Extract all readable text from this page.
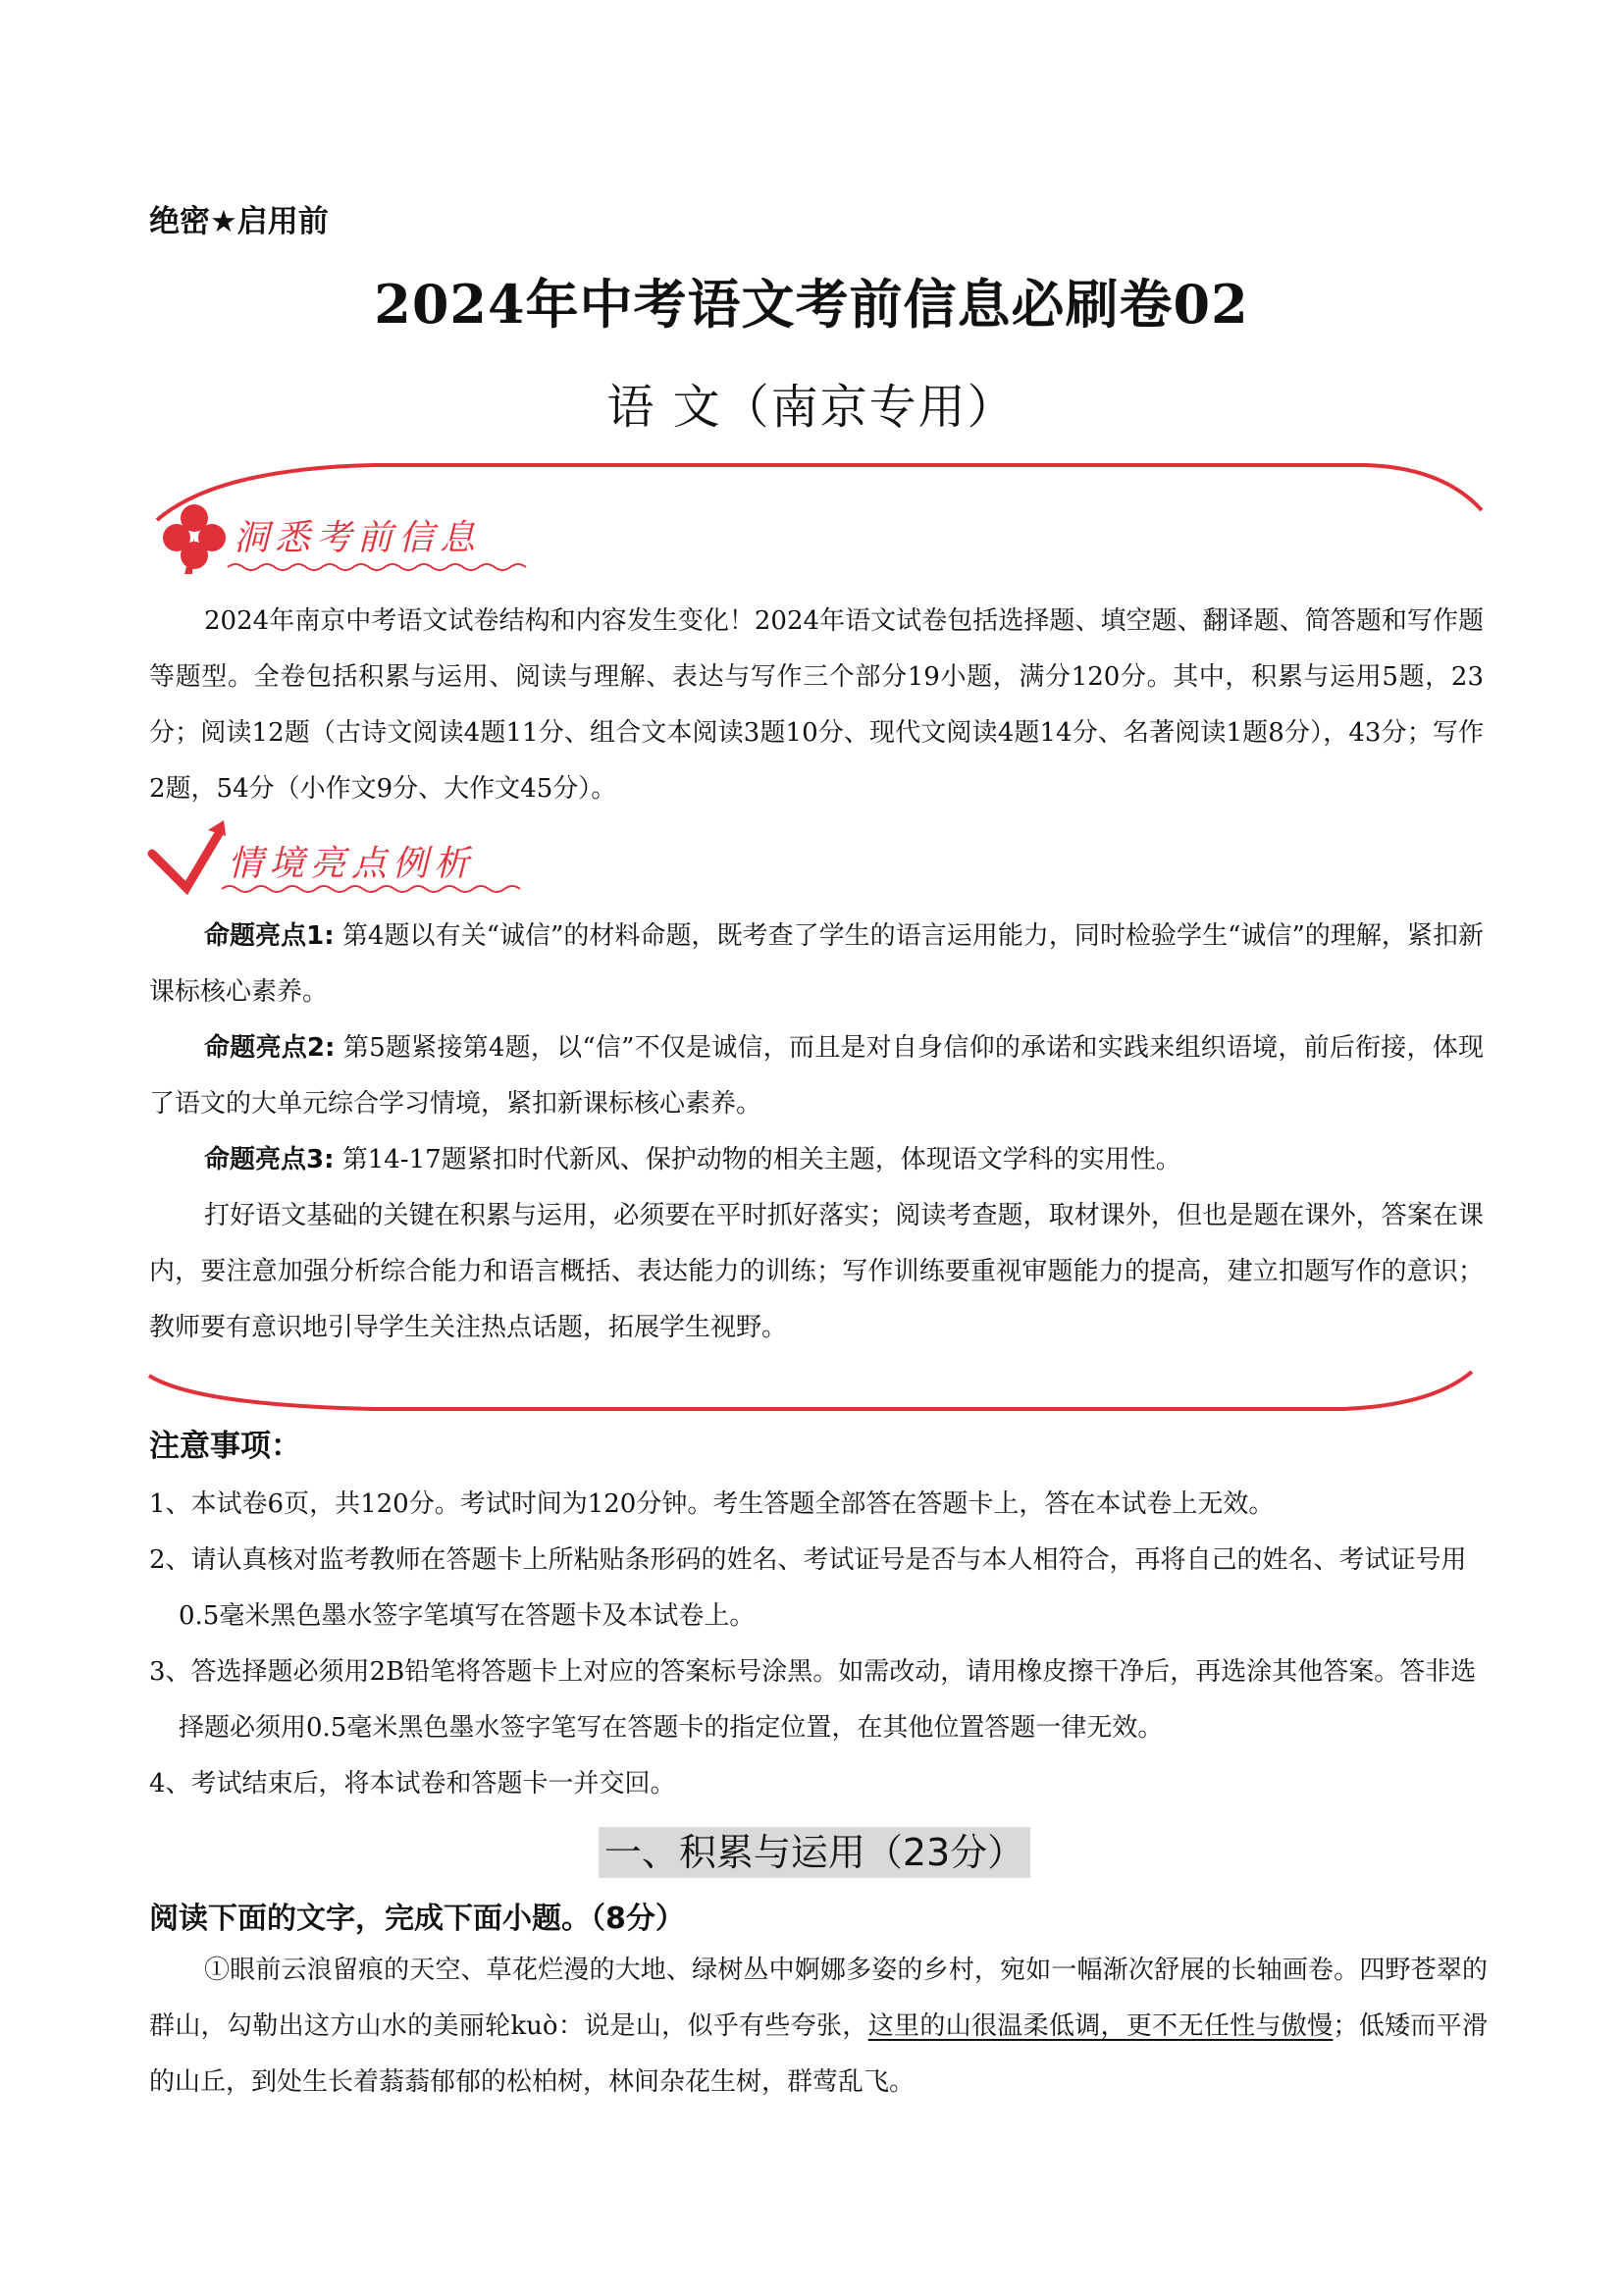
绝密★启用前
2024年中考语文考前信息必刷卷02
语 文（南京专用）
洞悉考前信息
2024年南京中考语文试卷结构和内容发生变化！2024年语文试卷包括选择题、填空题、翻译题、简答题和写作题等题型。全卷包括积累与运用、阅读与理解、表达与写作三个部分19小题，满分120分。其中，积累与运用5题，23分；阅读12题（古诗文阅读4题11分、组合文本阅读3题10分、现代文阅读4题14分、名著阅读1题8分），43分；写作2题，54分（小作文9分、大作文45分）。
情境亮点例析
命题亮点1: 第4题以有关“诚信”的材料命题，既考查了学生的语言运用能力，同时检验学生“诚信”的理解，紧扣新课标核心素养。
命题亮点2: 第5题紧接第4题，以“信”不仅是诚信，而且是对自身信仰的承诺和实践来组织语境，前后衔接，体现了语文的大单元综合学习情境，紧扣新课标核心素养。
命题亮点3: 第14-17题紧扣时代新风、保护动物的相关主题，体现语文学科的实用性。
打好语文基础的关键在积累与运用，必须要在平时抓好落实；阅读考查题，取材课外，但也是题在课外，答案在课内，要注意加强分析综合能力和语言概括、表达能力的训练；写作训练要重视审题能力的提高，建立扣题写作的意识；教师要有意识地引导学生关注热点话题，拓展学生视野。
注意事项：
1、本试卷6页，共120分。考试时间为120分钟。考生答题全部答在答题卡上，答在本试卷上无效。
2、请认真核对监考教师在答题卡上所粘贴条形码的姓名、考试证号是否与本人相符合，再将自己的姓名、考试证号用0.5毫米黑色墨水签字笔填写在答题卡及本试卷上。
3、答选择题必须用2B铅笔将答题卡上对应的答案标号涂黑。如需改动，请用橡皮擦干净后，再选涂其他答案。答非选择题必须用0.5毫米黑色墨水签字笔写在答题卡的指定位置，在其他位置答题一律无效。
4、考试结束后，将本试卷和答题卡一并交回。
一、积累与运用（23分）
阅读下面的文字，完成下面小题。（8分）
①眼前云浪留痕的天空、草花烂漫的大地、绿树丛中婀娜多姿的乡村，宛如一幅渐次舒展的长轴画卷。四野苍翠的群山，勾勒出这方山水的美丽轮kuò：说是山，似乎有些夸张，这里的山很温柔低调，更不无任性与傲慢；低矮而平滑的山丘，到处生长着蓊蓊郁郁的松柏树，林间杂花生树，群莺乱飞。
